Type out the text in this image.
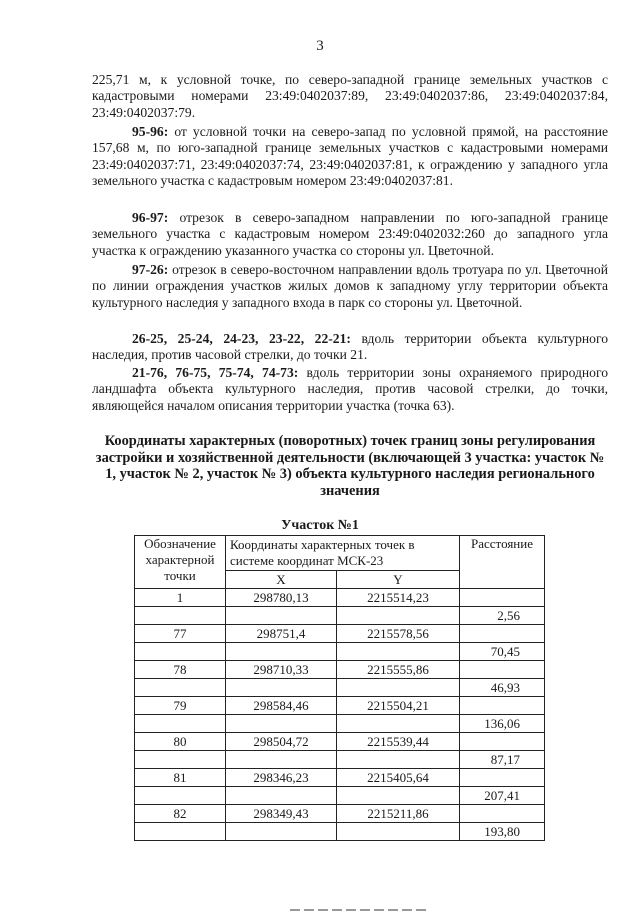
3

225,71 м, к условной точке, по северо-западной границе земельных участков с кадастровыми номерами 23:49:0402037:89, 23:49:0402037:86, 23:49:0402037:84, 23:49:0402037:79.

95-96: от условной точки на северо-запад по условной прямой, на расстояние 157,68 м, по юго-западной границе земельных участков с кадастровыми номерами 23:49:0402037:71, 23:49:0402037:74, 23:49:0402037:81, к ограждению у западного угла земельного участка с кадастровым номером 23:49:0402037:81.

96-97: отрезок в северо-западном направлении по юго-западной границе земельного участка с кадастровым номером 23:49:0402032:260 до западного угла участка к ограждению указанного участка со стороны ул. Цветочной.

97-26: отрезок в северо-восточном направлении вдоль тротуара по ул. Цветочной по линии ограждения участков жилых домов к западному углу территории объекта культурного наследия у западного входа в парк со стороны ул. Цветочной.

26-25, 25-24, 24-23, 23-22, 22-21: вдоль территории объекта культурного наследия, против часовой стрелки, до точки 21.

21-76, 76-75, 75-74, 74-73: вдоль территории зоны охраняемого природного ландшафта объекта культурного наследия, против часовой стрелки, до точки, являющейся началом описания территории участка (точка 63).

Координаты характерных (поворотных) точек границ зоны регулирования застройки и хозяйственной деятельности (включающей 3 участка: участок № 1, участок № 2, участок № 3) объекта культурного наследия регионального значения
Участок №1
Обозначение характерной точки	Координаты характерных точек в системе координат МСК-23		Расстояние
	X	Y	
1	298780,13	2215514,23	
			2,56
77	298751,4	2215578,56	
			70,45
78	298710,33	2215555,86	
			46,93
79	298584,46	2215504,21	
			136,06
80	298504,72	2215539,44	
			87,17
81	298346,23	2215405,64	
			207,41
82	298349,43	2215211,86	
			193,80
